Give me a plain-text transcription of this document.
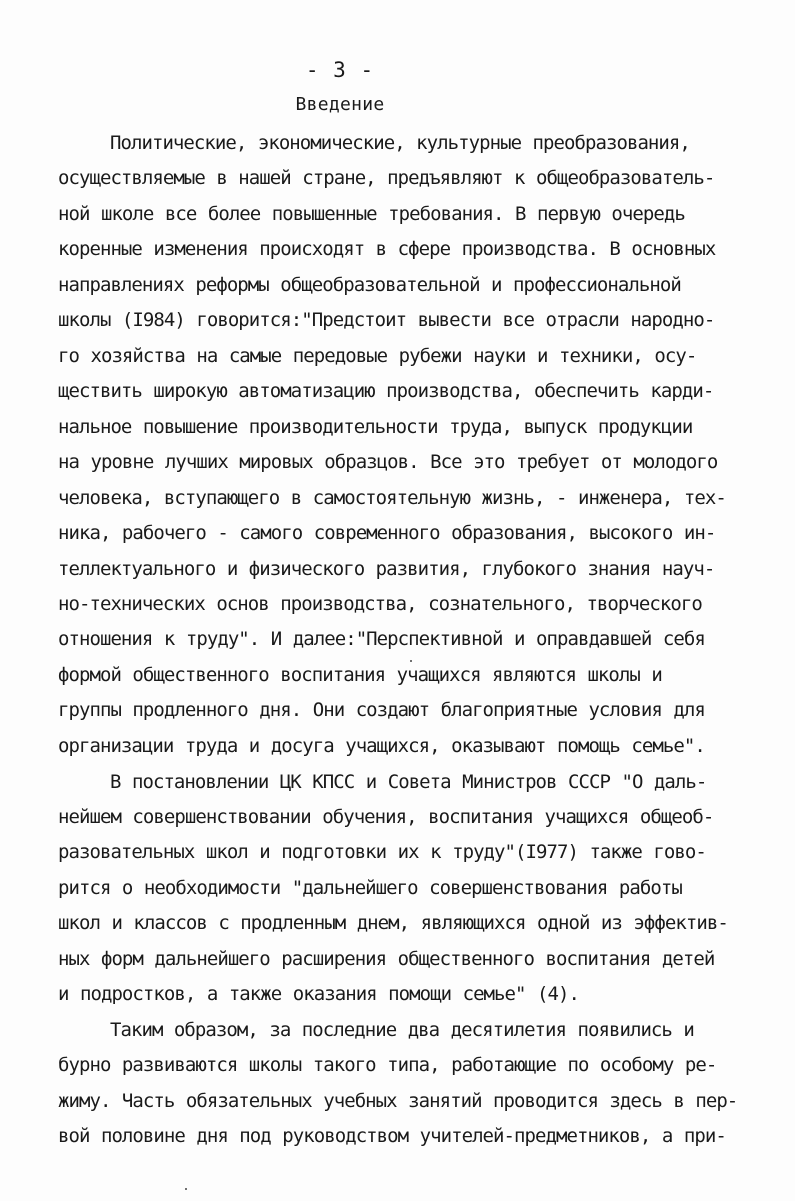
- 3 -
Введение
Политические, экономические, культурные преобразования,
осуществляемые в нашей стране, предъявляют к общеобразователь-
ной школе все более повышенные требования. В первую очередь
коренные изменения происходят в сфере производства. В основных
направлениях реформы общеобразовательной и профессиональной
школы (I984) говорится:"Предстоит вывести все отрасли народно-
го хозяйства на самые передовые рубежи науки и техники, осу-
ществить широкую автоматизацию производства, обеспечить карди-
нальное повышение производительности труда, выпуск продукции
на уровне лучших мировых образцов. Все это требует от молодого
человека, вступающего в самостоятельную жизнь, - инженера, тех-
ника, рабочего - самого современного образования, высокого ин-
теллектуального и физического развития, глубокого знания науч-
но-технических основ производства, сознательного, творческого
отношения к труду". И далее:"Перспективной и оправдавшей себя
формой общественного воспитания учащихся являются школы и
группы продленного дня. Они создают благоприятные условия для
организации труда и досуга учащихся, оказывают помощь семье".
В постановлении ЦК КПСС и Совета Министров СССР "О даль-
нейшем совершенствовании обучения, воспитания учащихся общеоб-
разовательных школ и подготовки их к труду"(I977) также гово-
рится о необходимости "дальнейшего совершенствования работы
школ и классов с продленным днем, являющихся одной из эффектив-
ных форм дальнейшего расширения общественного воспитания детей
и подростков, а также оказания помощи семье" (4).
Таким образом, за последние два десятилетия появились и
бурно развиваются школы такого типа, работающие по особому ре-
жиму. Часть обязательных учебных занятий проводится здесь в пер-
вой половине дня под руководством учителей-предметников, а при-
